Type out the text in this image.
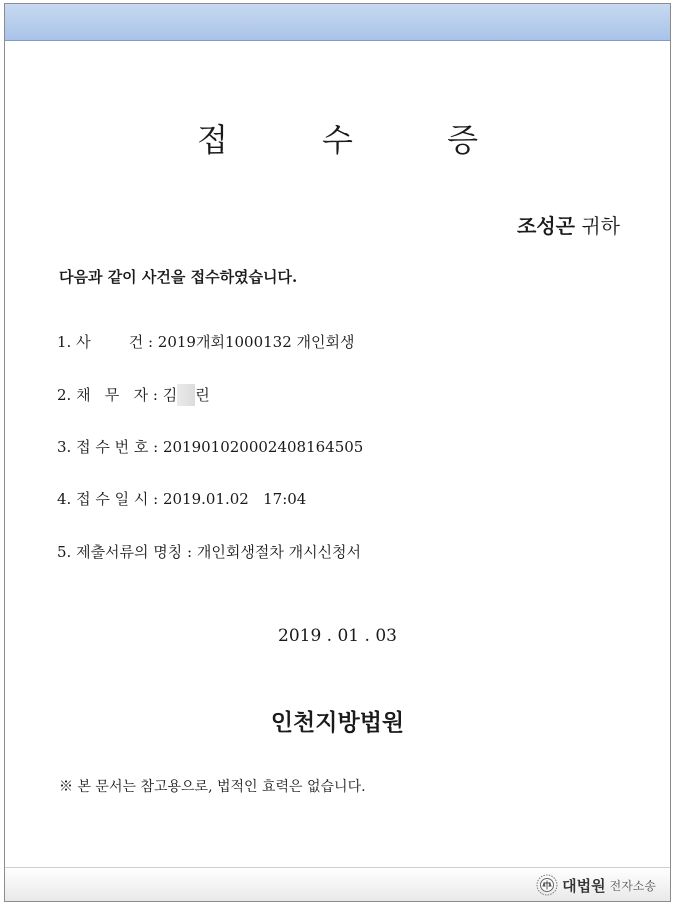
접 수 증
조성곤 귀하
다음과 같이 사건을 접수하였습니다.
1. 사        건 : 2019개회1000132 개인회생
2. 채   무   자 : 김 린
3. 접 수 번 호 : 20190102000240816450​5
4. 접 수 일 시 : 2019.01.02   17:04
5. 제출서류의 명칭 : 개인회생절차 개시신청서
2019 . 01 . 03
인천지방법원
※ 본 문서는 참고용으로, 법적인 효력은 없습니다.
대법원 전자소송
